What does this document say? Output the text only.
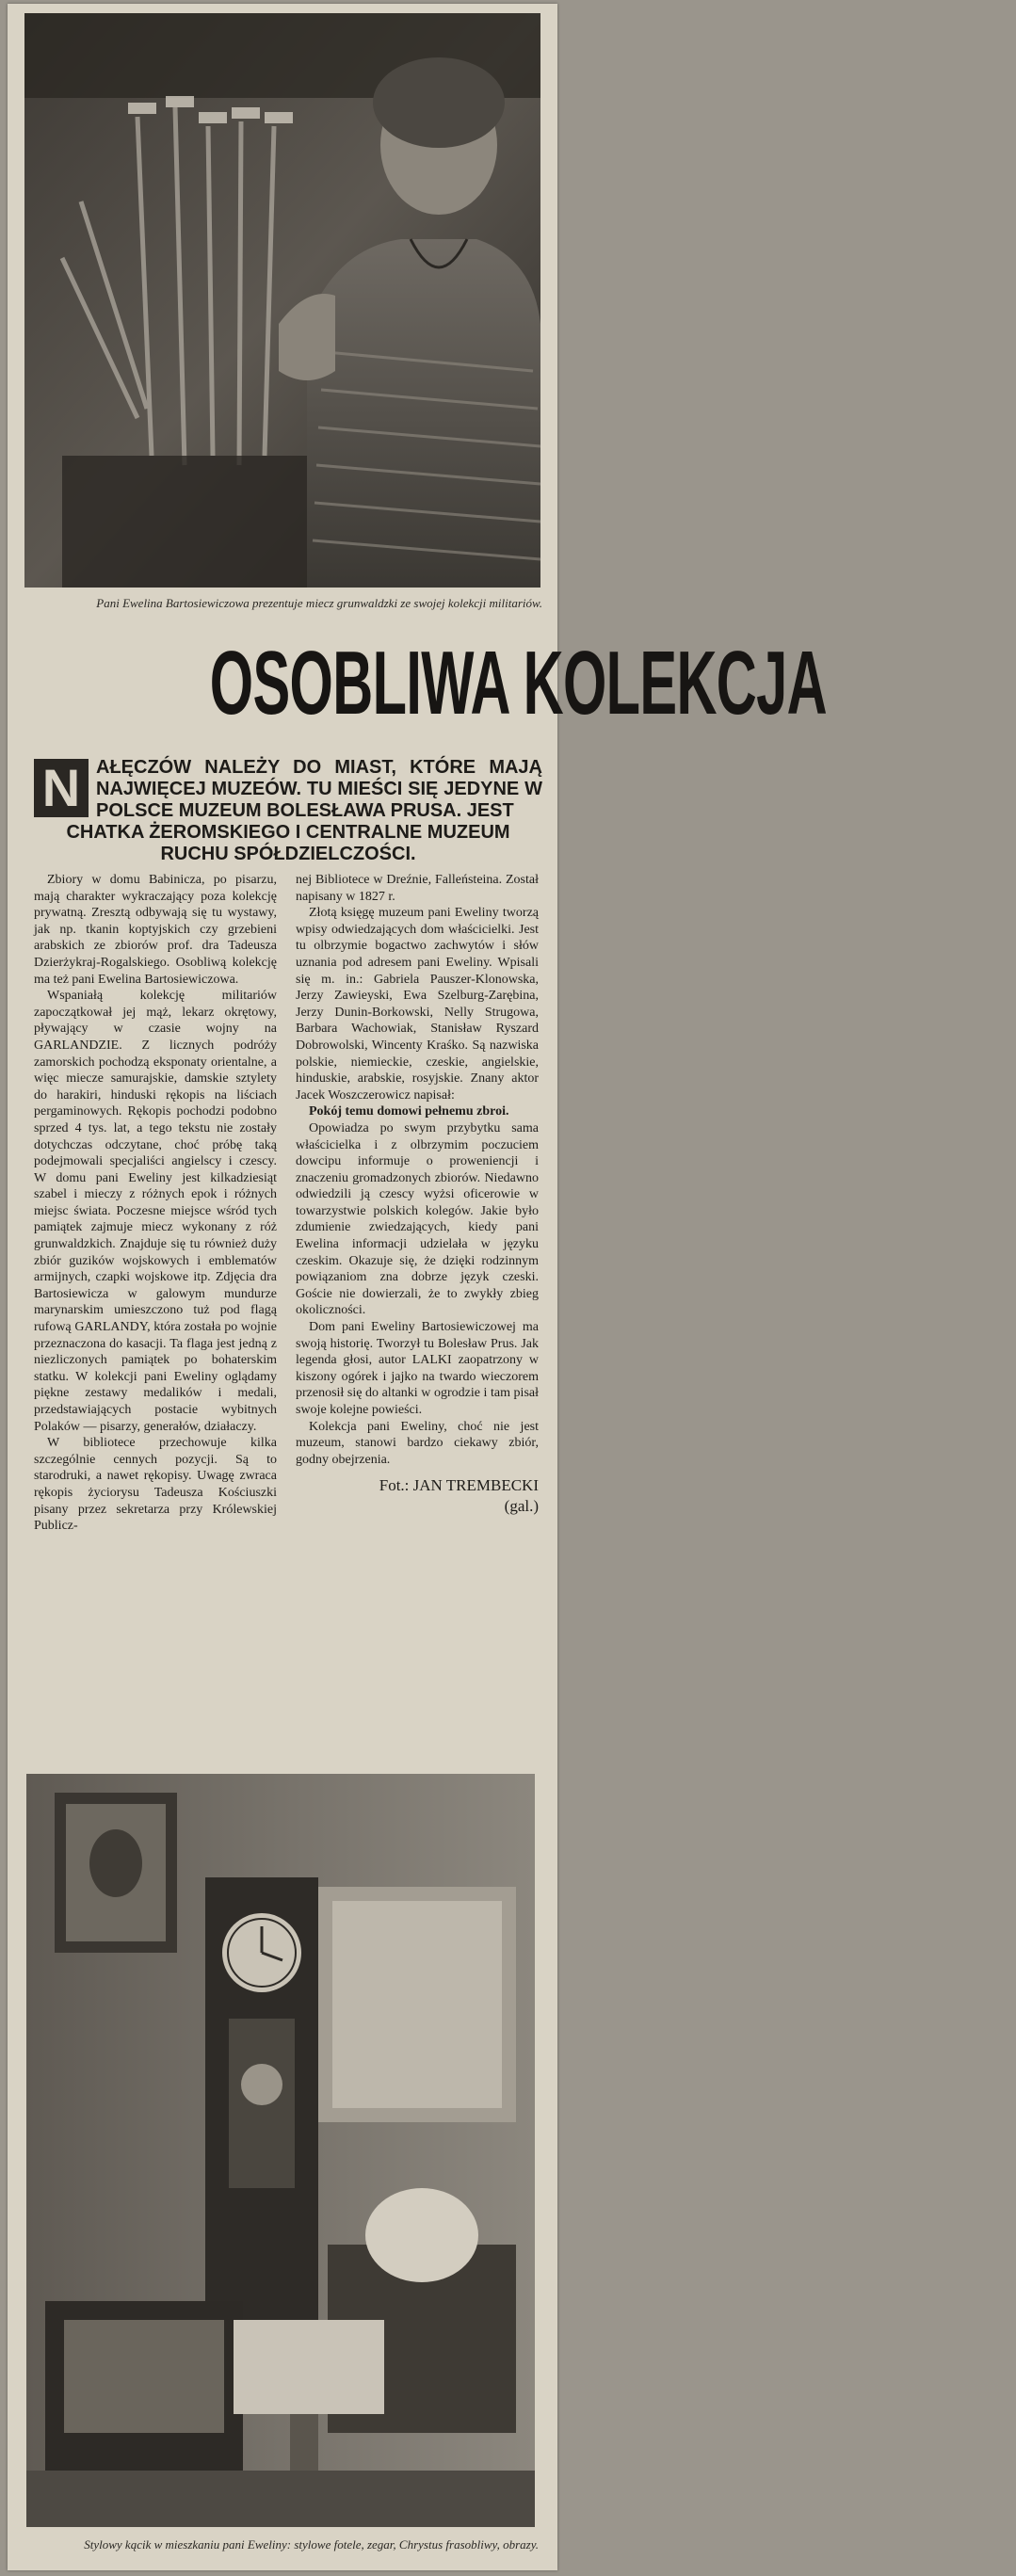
Pani Ewelina Bartosiewiczowa prezentuje miecz grunwaldzki ze swojej kolekcji militariów.
OSOBLIWA KOLEKCJA
N AŁĘCZÓW NALEŻY DO MIAST, KTÓRE MAJĄ NAJWIĘCEJ MUZEÓW. TU MIEŚCI SIĘ JEDYNE W POLSCE MUZEUM BOLESŁAWA PRUSA. JEST
CHATKA ŻEROMSKIEGO I CENTRALNE MUZEUM RUCHU SPÓŁDZIELCZOŚCI.

Zbiory w domu Babinicza, po pisarzu, mają charakter wykraczający poza kolekcję prywatną. Zresztą odbywają się tu wystawy, jak np. tkanin koptyjskich czy grzebieni arabskich ze zbiorów prof. dra Tadeusza Dzierżykraj-Rogalskiego. Osobliwą kolekcję ma też pani Ewelina Bartosiewiczowa.

Wspaniałą kolekcję militariów zapoczątkował jej mąż, lekarz okrętowy, pływający w czasie wojny na GARLANDZIE. Z licznych podróży zamorskich pochodzą eksponaty orientalne, a więc miecze samurajskie, damskie sztylety do harakiri, hinduski rękopis na liściach pergaminowych. Rękopis pochodzi podobno sprzed 4 tys. lat, a tego tekstu nie zostały dotychczas odczytane, choć próbę taką podejmowali specjaliści angielscy i czescy. W domu pani Eweliny jest kilkadziesiąt szabel i mieczy z różnych epok i różnych miejsc świata. Poczesne miejsce wśród tych pamiątek zajmuje miecz wykonany z róż grunwaldzkich. Znajduje się tu również duży zbiór guzików wojskowych i emblematów armijnych, czapki wojskowe itp. Zdjęcia dra Bartosiewicza w galowym mundurze marynarskim umieszczono tuż pod flagą rufową GARLANDY, która została po wojnie przeznaczona do kasacji. Ta flaga jest jedną z niezliczonych pamiątek po bohaterskim statku. W kolekcji pani Eweliny oglądamy piękne zestawy medalików i medali, przedstawiających postacie wybitnych Polaków — pisarzy, generałów, działaczy.

W bibliotece przechowuje kilka szczególnie cennych pozycji. Są to starodruki, a nawet rękopisy. Uwagę zwraca rękopis życiorysu Tadeusza Kościuszki pisany przez sekretarza przy Królewskiej Publicz-

nej Bibliotece w Dreźnie, Falleństeina. Został napisany w 1827 r.

Złotą księgę muzeum pani Eweliny tworzą wpisy odwiedzających dom właścicielki. Jest tu olbrzymie bogactwo zachwytów i słów uznania pod adresem pani Eweliny. Wpisali się m. in.: Gabriela Pauszer-Klonowska, Jerzy Zawieyski, Ewa Szelburg-Zarębina, Jerzy Dunin-Borkowski, Nelly Strugowa, Barbara Wachowiak, Stanisław Ryszard Dobrowolski, Wincenty Kraśko. Są nazwiska polskie, niemieckie, czeskie, angielskie, hinduskie, arabskie, rosyjskie. Znany aktor Jacek Woszczerowicz napisał:

Pokój temu domowi pełnemu zbroi.

Opowiadza po swym przybytku sama właścicielka i z olbrzymim poczuciem dowcipu informuje o proweniencji i znaczeniu gromadzonych zbiorów. Niedawno odwiedzili ją czescy wyżsi oficerowie w towarzystwie polskich kolegów. Jakie było zdumienie zwiedzających, kiedy pani Ewelina informacji udzielała w języku czeskim. Okazuje się, że dzięki rodzinnym powiązaniom zna dobrze język czeski. Goście nie dowierzali, że to zwykły zbieg okoliczności.

Dom pani Eweliny Bartosiewiczowej ma swoją historię. Tworzył tu Bolesław Prus. Jak legenda głosi, autor LALKI zaopatrzony w kiszony ogórek i jajko na twardo wieczorem przenosił się do altanki w ogrodzie i tam pisał swoje kolejne powieści.

Kolekcja pani Eweliny, choć nie jest muzeum, stanowi bardzo ciekawy zbiór, godny obejrzenia.

Fot.: JAN TREMBECKI
(gal.)
Stylowy kącik w mieszkaniu pani Eweliny: stylowe fotele, zegar, Chrystus frasobliwy, obrazy.
